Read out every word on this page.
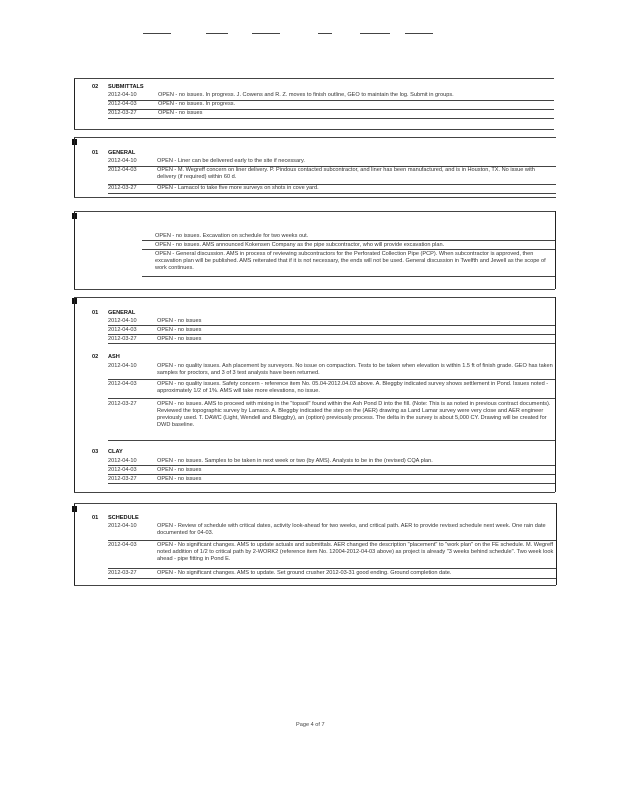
02 SUBMITTALS
2012-04-10	OPEN - no issues. In progress. J. Cowens and R. Z. moves to finish outline, GEO to maintain the log. Submit in groups.
2012-04-03	OPEN - no issues. In progress.
2012-03-27	OPEN - no issues
01 GENERAL
2012-04-10	OPEN - Liner can be delivered early to the site if necessary.
2012-04-03	OPEN - M. Wegreff concern on liner delivery. P. Pindous contacted subcontractor, and liner has been manufactured, and is in Houston, TX. No issue with delivery (if required) within 60 d.
2012-03-27	OPEN - Lamacol to take five more surveys on shots in cove yard.
OPEN - no issues. Excavation on schedule for two weeks out.
OPEN - no issues. AMS announced Kokensen Company as the pipe subcontractor, who will provide excavation plan.
OPEN - General discussion. AMS in process of reviewing subcontractors for the Perforated Collection Pipe (PCP). When subcontractor is approved, then excavation plan will be published. AMS reiterated that if it is not necessary, the ends will not be used. General discussion in Twelfth and Jewell as the scope of work continues.
01 GENERAL
2012-04-10	OPEN - no issues
2012-04-03	OPEN - no issues
2012-03-27	OPEN - no issues
02 ASH
2012-04-10	OPEN - no quality issues. Ash placement by surveyors. No issue on compaction. Tests to be taken when elevation is within 1.5 ft of finish grade. GEO has taken samples for proctors, and 3 of 3 test analysis have been returned.
2012-04-03	OPEN - no quality issues. Safety concern - reference item No. 05.04-2012.04.03 above. A. Bleggby indicated survey shows settlement in Pond. Issues noted - approximately 1/2 of 1%. AMS will take more elevations, no issue.
2012-03-27	OPEN - no issues. AMS to proceed with mixing in the "topsoil" found within the Ash Pond D into the fill. (Note: This is as noted in previous contract documents). Reviewed the topographic survey by Lamaco. A. Bleggby indicated the step on the (AER) drawing as Land Lamar survey were very close and AER engineer previously used. T. DAWC (Light, Wendell and Bleggby), an (option) previously process. The delta in the survey is about 5,000 CY. Drawing will be created for DWD baseline.
03 CLAY
2012-04-10	OPEN - no issues. Samples to be taken in next week or two (by AMS). Analysis to be in the (revised) CQA plan.
2012-04-03	OPEN - no issues
2012-03-27	OPEN - no issues
01 SCHEDULE
2012-04-10	OPEN - Review of schedule with critical dates, activity look-ahead for two weeks, and critical path. AER to provide revised schedule next week. One rain date documented for 04-03.
2012-04-03	OPEN - No significant changes. AMS to update actuals and submittals. AER changed the description "placement" to "work plan" on the FE schedule. M. Wegreff noted addition of 1/2 to critical path by 2-WORK2 (reference item No. 12004-2012-04-03 above) as project is already "3 weeks behind schedule". Two week look ahead - pipe fitting in Pond E.
2012-03-27	OPEN - No significant changes. AMS to update. Set ground crusher 2012-03-31 good ending. Ground completion date.
Page 4 of 7
